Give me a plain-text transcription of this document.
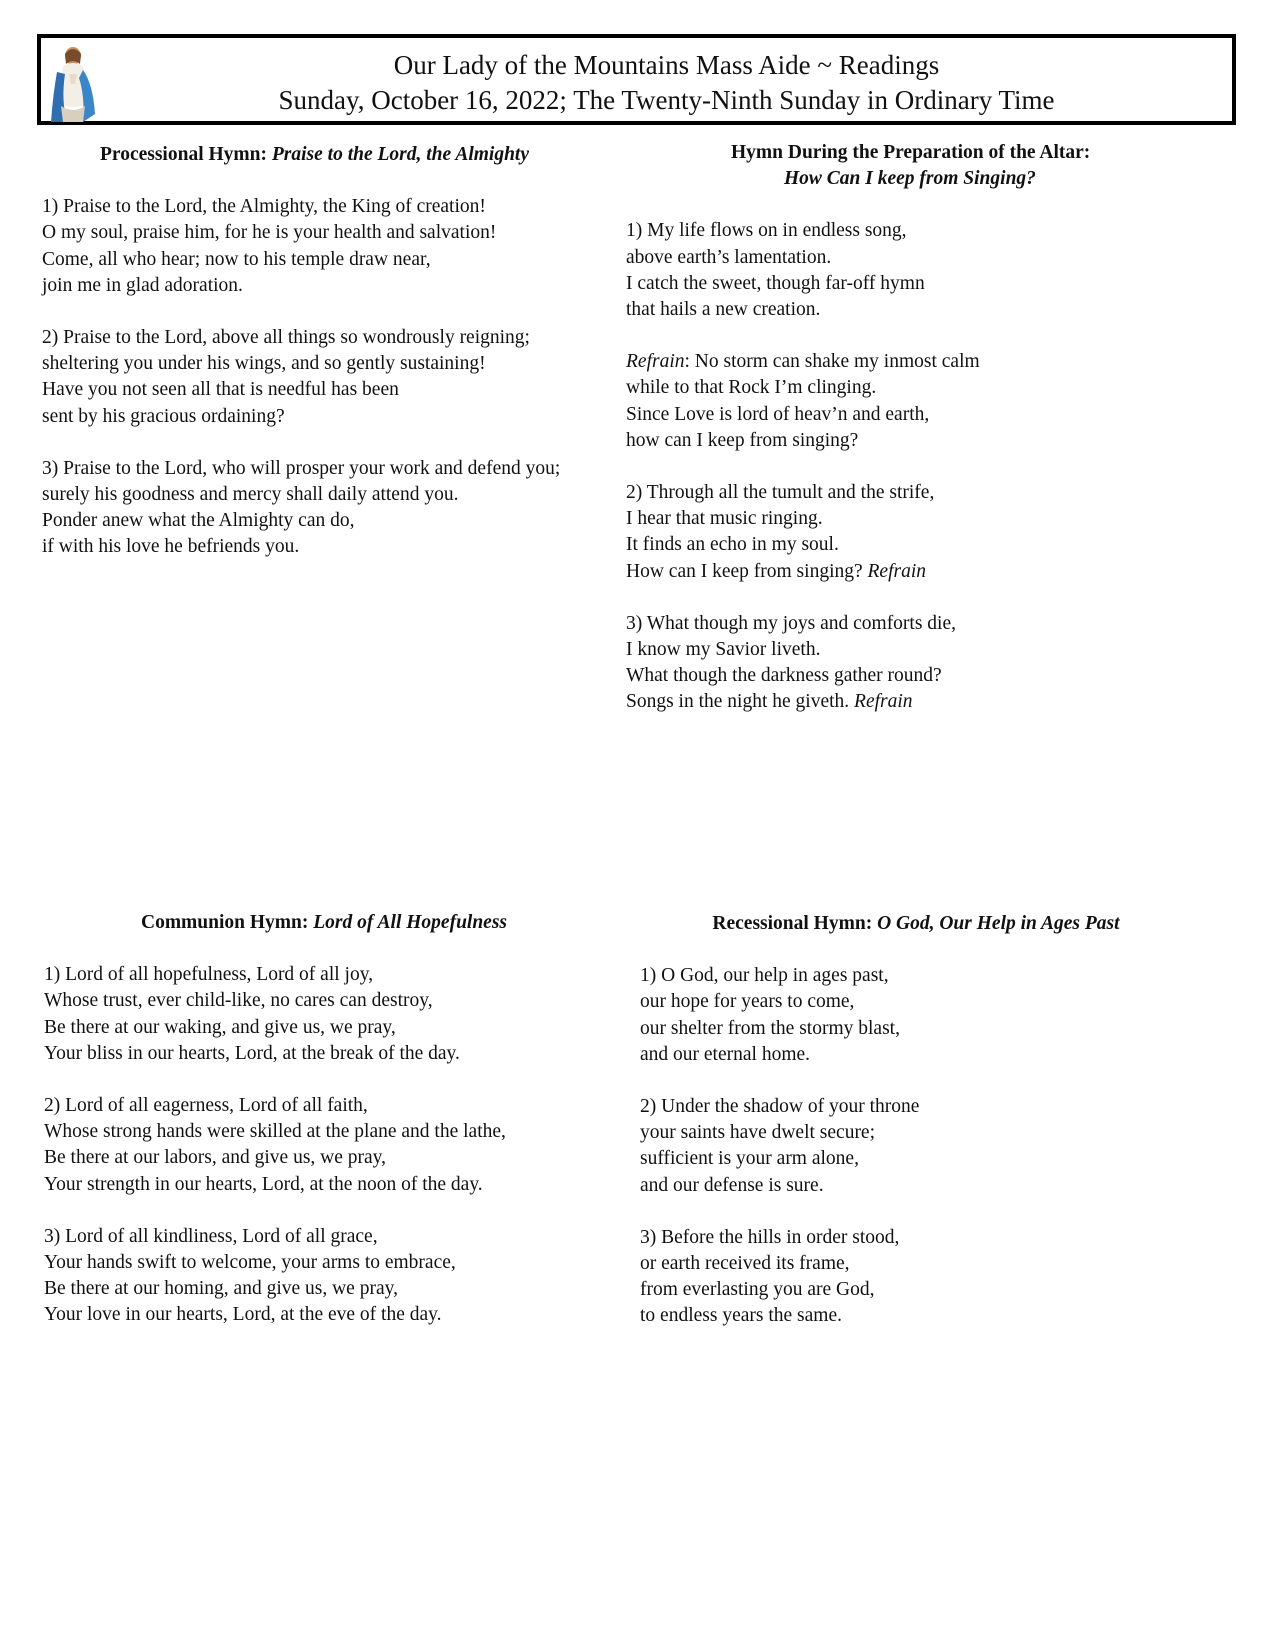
Our Lady of the Mountains Mass Aide ~ Readings
Sunday, October 16, 2022; The Twenty-Ninth Sunday in Ordinary Time
Processional Hymn: Praise to the Lord, the Almighty
1) Praise to the Lord, the Almighty, the King of creation!
O my soul, praise him, for he is your health and salvation!
Come, all who hear; now to his temple draw near,
join me in glad adoration.
2) Praise to the Lord, above all things so wondrously reigning;
sheltering you under his wings, and so gently sustaining!
Have you not seen all that is needful has been
sent by his gracious ordaining?
3) Praise to the Lord, who will prosper your work and defend you;
surely his goodness and mercy shall daily attend you.
Ponder anew what the Almighty can do,
if with his love he befriends you.
Hymn During the Preparation of the Altar:
How Can I keep from Singing?
1) My life flows on in endless song,
above earth’s lamentation.
I catch the sweet, though far-off hymn
that hails a new creation.
Refrain: No storm can shake my inmost calm
while to that Rock I’m clinging.
Since Love is lord of heav’n and earth,
how can I keep from singing?
2) Through all the tumult and the strife,
I hear that music ringing.
It finds an echo in my soul.
How can I keep from singing? Refrain
3) What though my joys and comforts die,
I know my Savior liveth.
What though the darkness gather round?
Songs in the night he giveth. Refrain
Communion Hymn: Lord of All Hopefulness
1) Lord of all hopefulness, Lord of all joy,
Whose trust, ever child-like, no cares can destroy,
Be there at our waking, and give us, we pray,
Your bliss in our hearts, Lord, at the break of the day.
2) Lord of all eagerness, Lord of all faith,
Whose strong hands were skilled at the plane and the lathe,
Be there at our labors, and give us, we pray,
Your strength in our hearts, Lord, at the noon of the day.
3) Lord of all kindliness, Lord of all grace,
Your hands swift to welcome, your arms to embrace,
Be there at our homing, and give us, we pray,
Your love in our hearts, Lord, at the eve of the day.
Recessional Hymn: O God, Our Help in Ages Past
1) O God, our help in ages past,
our hope for years to come,
our shelter from the stormy blast,
and our eternal home.
2) Under the shadow of your throne
your saints have dwelt secure;
sufficient is your arm alone,
and our defense is sure.
3) Before the hills in order stood,
or earth received its frame,
from everlasting you are God,
to endless years the same.
